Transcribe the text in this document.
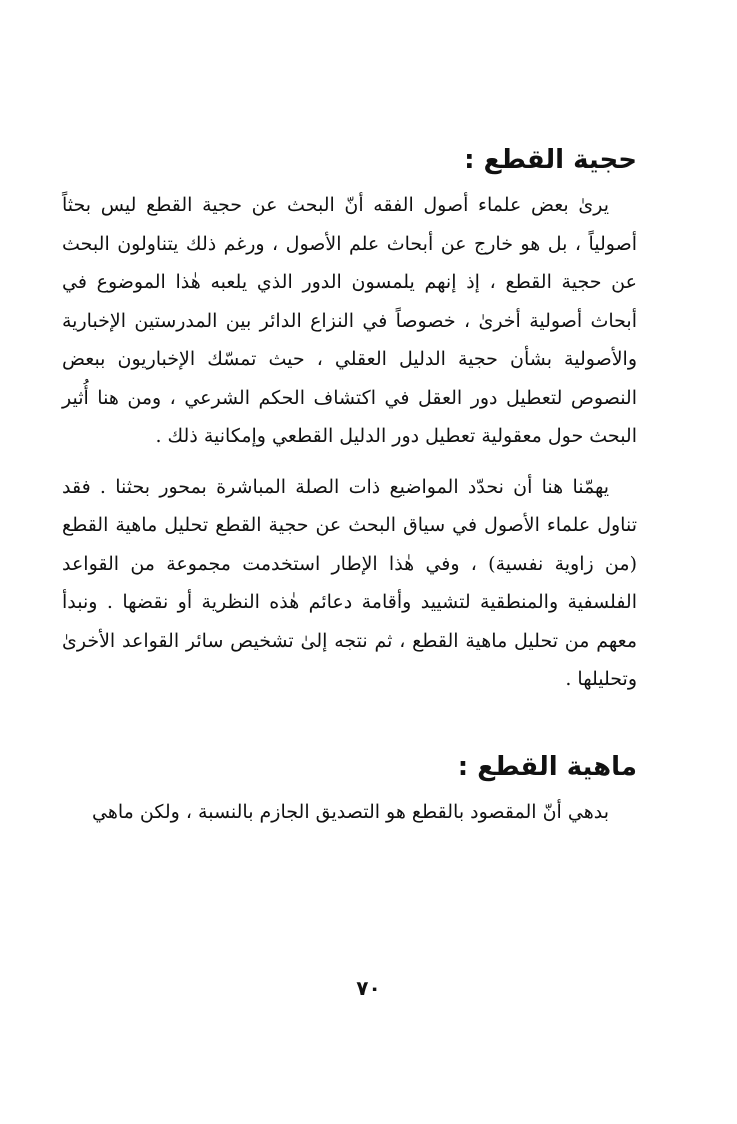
حجية القطع :

يرىٰ بعض علماء أصول الفقه أنّ البحث عن حجية القطع ليس بحثاً أصولياً ، بل هو خارج عن أبحاث علم الأصول ، ورغم ذلك يتناولون البحث عن حجية القطع ، إذ إنهم يلمسون الدور الذي يلعبه هٰذا الموضوع في أبحاث أصولية أخرىٰ ، خصوصاً في النزاع الدائر بين المدرستين الإخبارية والأصولية بشأن حجية الدليل العقلي ، حيث تمسّك الإخباريون ببعض النصوص لتعطيل دور العقل في اكتشاف الحكم الشرعي ، ومن هنا أُثير البحث حول معقولية تعطيل دور الدليل القطعي وإمكانية ذلك .

يهمّنا هنا أن نحدّد المواضيع ذات الصلة المباشرة بمحور بحثنا . فقد تناول علماء الأصول في سياق البحث عن حجية القطع تحليل ماهية القطع (من زاوية نفسية) ، وفي هٰذا الإطار استخدمت مجموعة من القواعد الفلسفية والمنطقية لتشييد وأقامة دعائم هٰذه النظرية أو نقضها . ونبدأ معهم من تحليل ماهية القطع ، ثم نتجه إلىٰ تشخيص سائر القواعد الأخرىٰ وتحليلها .

ماهية القطع :

بدهي أنّ المقصود بالقطع هو التصديق الجازم بالنسبة ، ولكن ماهي

٧٠
